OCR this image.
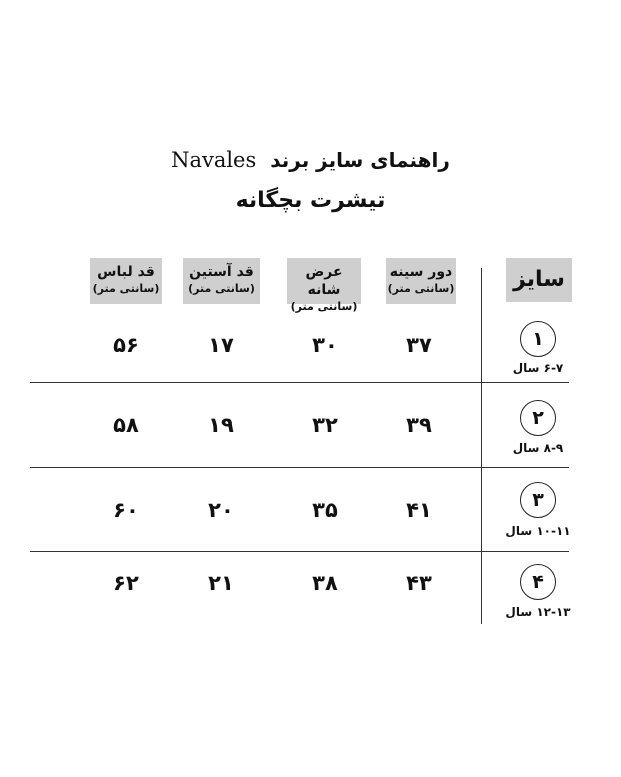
راهنمای سایز برند  Navales
تیشرت بچگانه
سایز
دور سینه
(سانتی متر)
عرض شانه
(سانتی متر)
قد آستین
(سانتی متر)
قد لباس
(سانتی متر)
۱
۶-۷ سال
۳۷
۳۰
۱۷
۵۶
۲
۸-۹ سال
۳۹
۳۲
۱۹
۵۸
۳
۱۰-۱۱ سال
۴۱
۳۵
۲۰
۶۰
۴
۱۲-۱۳ سال
۴۳
۳۸
۲۱
۶۲
